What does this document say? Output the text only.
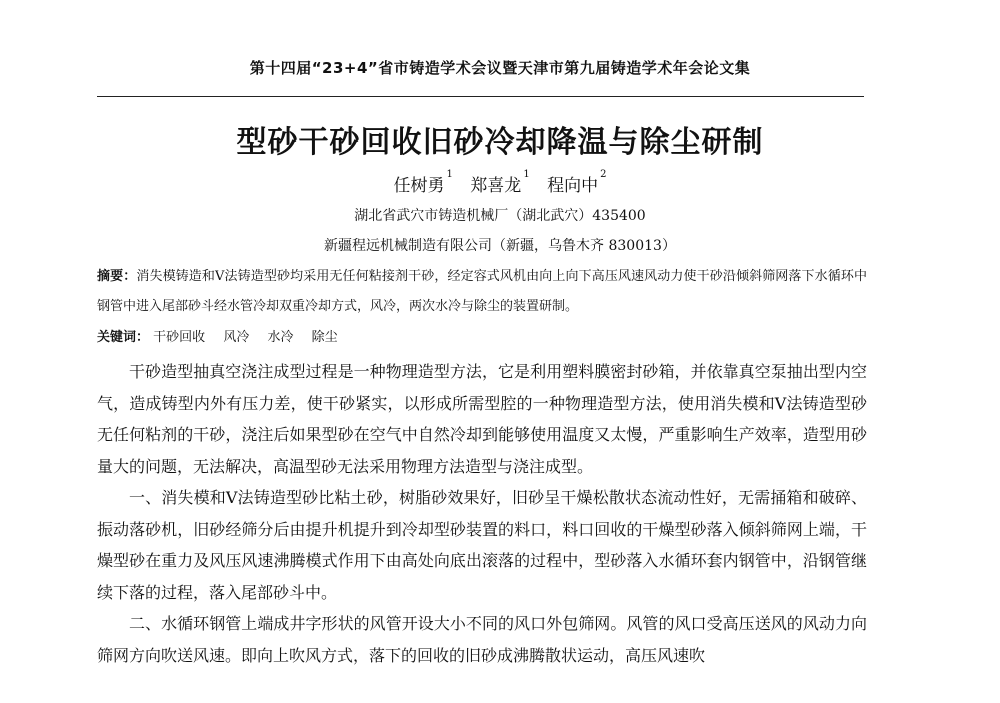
第十四届“23+4”省市铸造学术会议暨天津市第九届铸造学术年会论文集
型砂干砂回收旧砂冷却降温与除尘研制
任树勇$^1$ 郑喜龙$^1$ 程向中$^2$
湖北省武穴市铸造机械厂（湖北武穴）435400
新疆程远机械制造有限公司（新疆，乌鲁木齐 830013）
摘要：消失模铸造和V法铸造型砂均采用无任何粘接剂干砂，经定容式风机由向上向下高压风速风动力使干砂沿倾斜筛网落下水循环中钢管中进入尾部砂斗经水管冷却双重冷却方式，风冷，两次水冷与除尘的装置研制。
关键词： 干砂回收 风冷 水冷 除尘

干砂造型抽真空浇注成型过程是一种物理造型方法，它是利用塑料膜密封砂箱，并依靠真空泵抽出型内空气，造成铸型内外有压力差，使干砂紧实，以形成所需型腔的一种物理造型方法，使用消失模和V法铸造型砂无任何粘剂的干砂，浇注后如果型砂在空气中自然冷却到能够使用温度又太慢，严重影响生产效率，造型用砂量大的问题，无法解决，高温型砂无法采用物理方法造型与浇注成型。

一、消失模和V法铸造型砂比粘土砂，树脂砂效果好，旧砂呈干燥松散状态流动性好，无需捅箱和破碎、振动落砂机，旧砂经筛分后由提升机提升到冷却型砂装置的料口，料口回收的干燥型砂落入倾斜筛网上端，干燥型砂在重力及风压风速沸腾模式作用下由高处向底出滚落的过程中，型砂落入水循环套内钢管中，沿钢管继续下落的过程，落入尾部砂斗中。

二、水循环钢管上端成井字形状的风管开设大小不同的风口外包筛网。风管的风口受高压送风的风动力向筛网方向吹送风速。即向上吹风方式，落下的回收的旧砂成沸腾散状运动，高压风速吹
